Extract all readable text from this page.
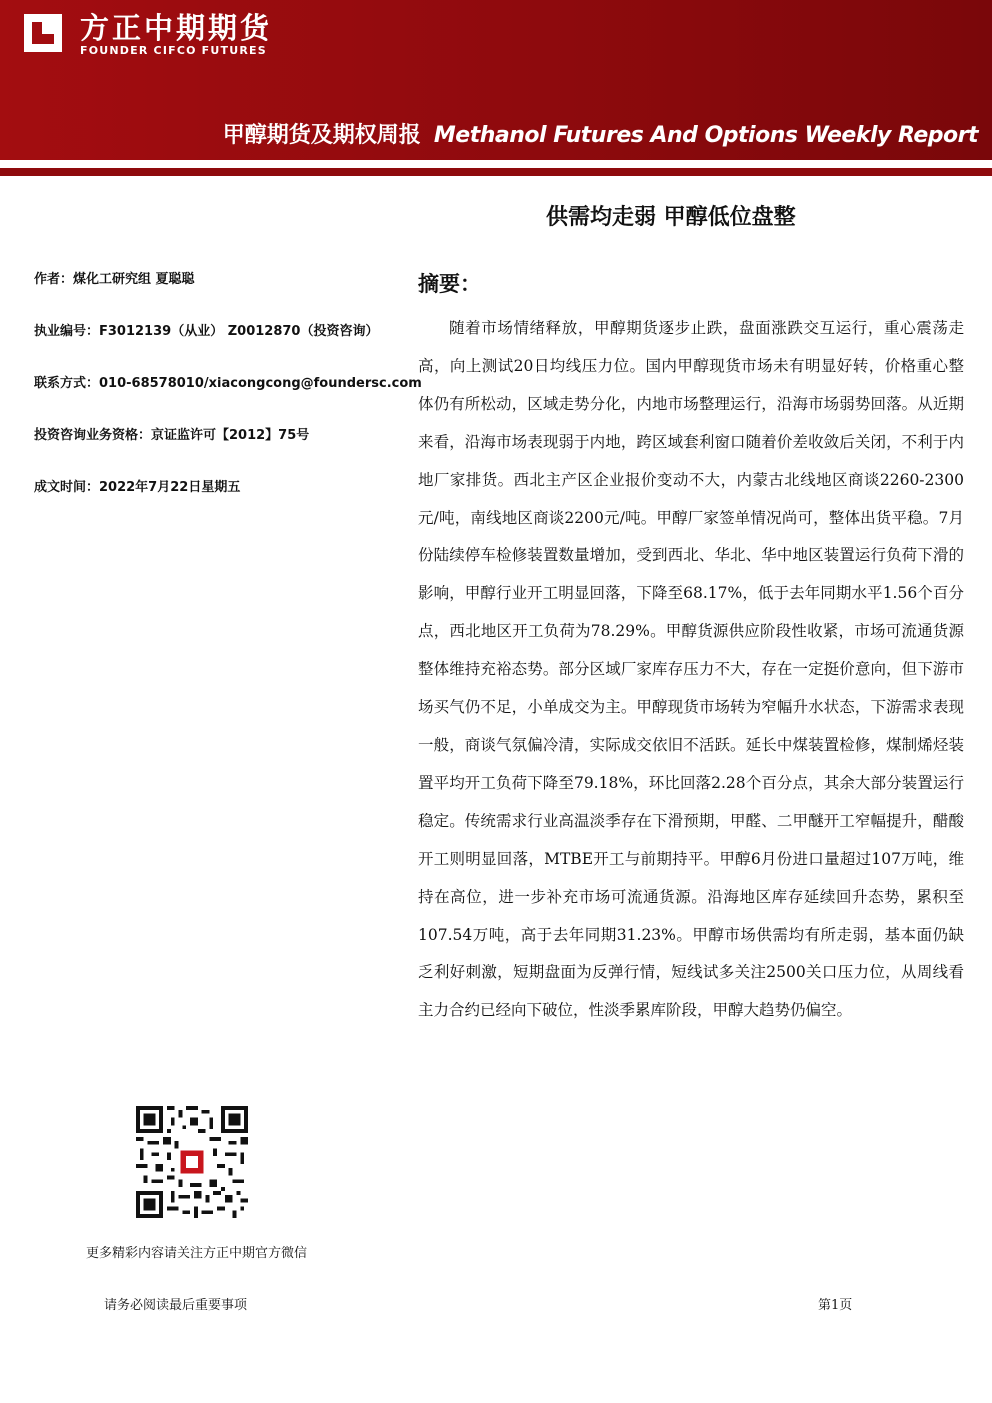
方正中期期货
FOUNDER CIFCO FUTURES
甲醇期货及期权周报 Methanol Futures And Options Weekly Report
供需均走弱 甲醇低位盘整
作者：煤化工研究组 夏聪聪
执业编号：F3012139（从业） Z0012870（投资咨询）
联系方式：010-68578010/xiacongcong@foundersc.com
投资咨询业务资格：京证监许可【2012】75号
成文时间：2022年7月22日星期五
摘要：

随着市场情绪释放，甲醇期货逐步止跌，盘面涨跌交互运行，重心震荡走高，向上测试20日均线压力位。国内甲醇现货市场未有明显好转，价格重心整体仍有所松动，区域走势分化，内地市场整理运行，沿海市场弱势回落。从近期来看，沿海市场表现弱于内地，跨区域套利窗口随着价差收敛后关闭，不利于内地厂家排货。西北主产区企业报价变动不大，内蒙古北线地区商谈2260-2300元/吨，南线地区商谈2200元/吨。甲醇厂家签单情况尚可，整体出货平稳。7月份陆续停车检修装置数量增加，受到西北、华北、华中地区装置运行负荷下滑的影响，甲醇行业开工明显回落，下降至68.17%，低于去年同期水平1.56个百分点，西北地区开工负荷为78.29%。甲醇货源供应阶段性收紧，市场可流通货源整体维持充裕态势。部分区域厂家库存压力不大，存在一定挺价意向，但下游市场买气仍不足，小单成交为主。甲醇现货市场转为窄幅升水状态，下游需求表现一般，商谈气氛偏冷清，实际成交依旧不活跃。延长中煤装置检修，煤制烯烃装置平均开工负荷下降至79.18%，环比回落2.28个百分点，其余大部分装置运行稳定。传统需求行业高温淡季存在下滑预期，甲醛、二甲醚开工窄幅提升，醋酸开工则明显回落，MTBE开工与前期持平。甲醇6月份进口量超过107万吨，维持在高位，进一步补充市场可流通货源。沿海地区库存延续回升态势，累积至107.54万吨，高于去年同期31.23%。甲醇市场供需均有所走弱，基本面仍缺乏利好刺激，短期盘面为反弹行情，短线试多关注2500关口压力位，从周线看主力合约已经向下破位，性淡季累库阶段，甲醇大趋势仍偏空。

更多精彩内容请关注方正中期官方微信
请务必阅读最后重要事项	第1页
